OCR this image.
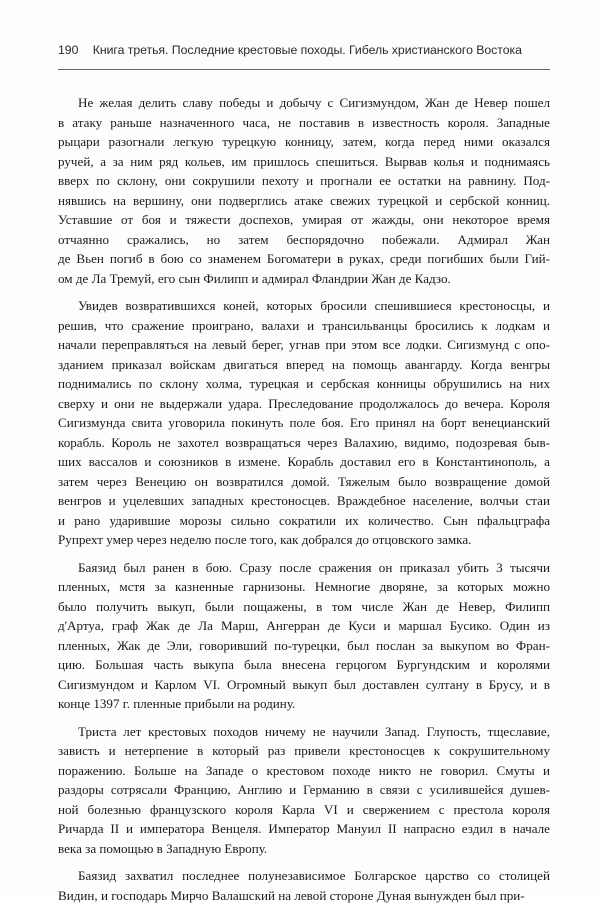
190 Книга третья. Последние крестовые походы. Гибель христианского Востока
Не желая делить славу победы и добычу с Сигизмундом, Жан де Невер пошел
в атаку раньше назначенного часа, не поставив в известность короля. Западные
рыцари разогнали легкую турецкую конницу, затем, когда перед ними оказался
ручей, а за ним ряд кольев, им пришлось спешиться. Вырвав колья и поднимаясь
вверх по склону, они сокрушили пехоту и прогнали ее остатки на равнину. Под-
нявшись на вершину, они подверглись атаке свежих турецкой и сербской конниц.
Уставшие от боя и тяжести доспехов, умирая от жажды, они некоторое время
отчаянно сражались, но затем беспорядочно побежали. Адмирал Жан
де Вьен погиб в бою со знаменем Богоматери в руках, среди погибших были Гий-
ом де Ла Тремуй, его сын Филипп и адмирал Фландрии Жан де Кадзо.
Увидев возвратившихся коней, которых бросили спешившиеся крестоносцы, и
решив, что сражение проиграно, валахи и трансильванцы бросились к лодкам и
начали переправляться на левый берег, угнав при этом все лодки. Сигизмунд с опо-
зданием приказал войскам двигаться вперед на помощь авангарду. Когда венгры
поднимались по склону холма, турецкая и сербская конницы обрушились на них
сверху и они не выдержали удара. Преследование продолжалось до вечера. Короля
Сигизмунда свита уговорила покинуть поле боя. Его принял на борт венецианский
корабль. Король не захотел возвращаться через Валахию, видимо, подозревая быв-
ших вассалов и союзников в измене. Корабль доставил его в Константинополь, а
затем через Венецию он возвратился домой. Тяжелым было возвращение домой
венгров и уцелевших западных крестоносцев. Враждебное население, волчьи стаи
и рано ударившие морозы сильно сократили их количество. Сын пфальцграфа
Рупрехт умер через неделю после того, как добрался до отцовского замка.
Баязид был ранен в бою. Сразу после сражения он приказал убить 3 тысячи
пленных, мстя за казненные гарнизоны. Немногие дворяне, за которых можно
было получить выкуп, были пощажены, в том числе Жан де Невер, Филипп
д'Артуа, граф Жак де Ла Марш, Ангерран де Куси и маршал Бусико. Один из
пленных, Жак де Эли, говоривший по-турецки, был послан за выкупом во Фран-
цию. Большая часть выкупа была внесена герцогом Бургундским и королями
Сигизмундом и Карлом VI. Огромный выкуп был доставлен султану в Брусу, и в
конце 1397 г. пленные прибыли на родину.
Триста лет крестовых походов ничему не научили Запад. Глупость, тщеславие,
зависть и нетерпение в который раз привели крестоносцев к сокрушительному
поражению. Больше на Западе о крестовом походе никто не говорил. Смуты и
раздоры сотрясали Францию, Англию и Германию в связи с усилившейся душев-
ной болезнью французского короля Карла VI и свержением с престола короля
Ричарда II и императора Венцеля. Император Мануил II напрасно ездил в начале
века за помощью в Западную Европу.
Баязид захватил последнее полунезависимое Болгарское царство со столицей
Видин, и господарь Мирчо Валашский на левой стороне Дуная вынужден был при-
